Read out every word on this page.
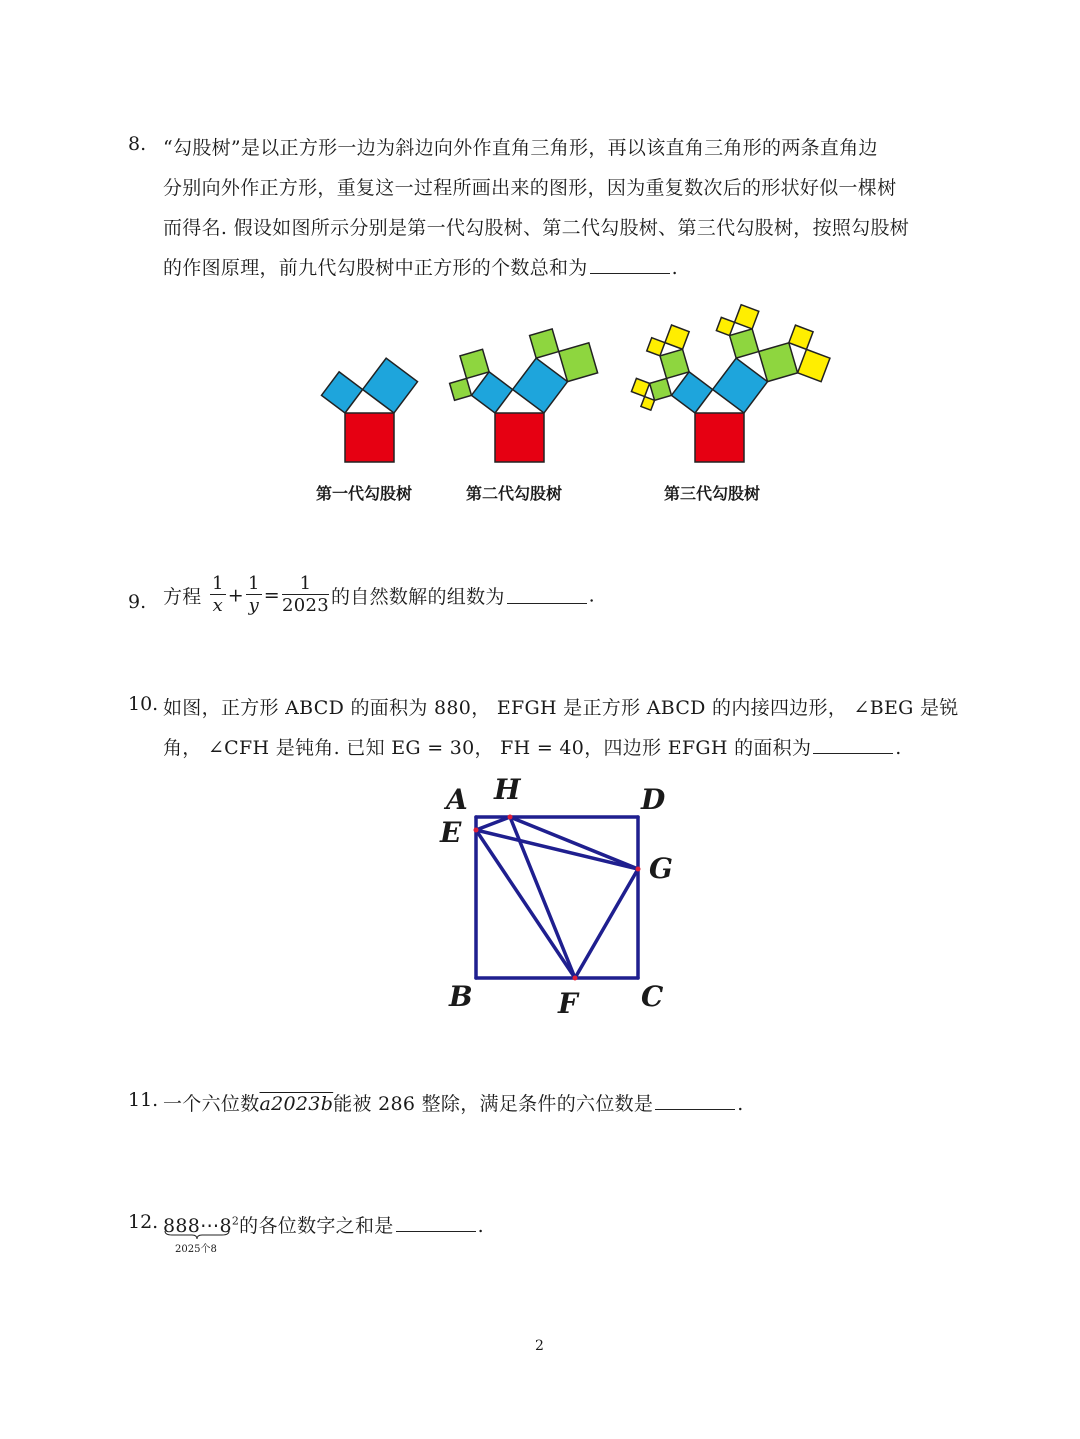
8. “勾股树”是以正方形一边为斜边向外作直角三角形，再以该直角三角形的两条直角边
分别向外作正方形，重复这一过程所画出来的图形，因为重复数次后的形状好似一棵树
而得名. 假设如图所示分别是第一代勾股树、第二代勾股树、第三代勾股树，按照勾股树
的作图原理，前九代勾股树中正方形的个数总和为	.
第一代勾股树	第二代勾股树	第三代勾股树
9. 方程 $\frac{1}{x} + \frac{1}{y} = \frac{1}{2023}$ 的自然数解的组数为	.
10. 如图，正方形 ABCD 的面积为 880， EFGH 是正方形 ABCD 的内接四边形， ∠BEG 是锐
角， ∠CFH 是钝角. 已知 EG = 30， FH = 40，四边形 EFGH 的面积为	.
A H	D
E
G
B	F C
11. 一个六位数a2023b能被 286 整除，满足条件的六位数是	.
12. $888\cdots 8^2$的各位数字之和是	.
2025个8
2
